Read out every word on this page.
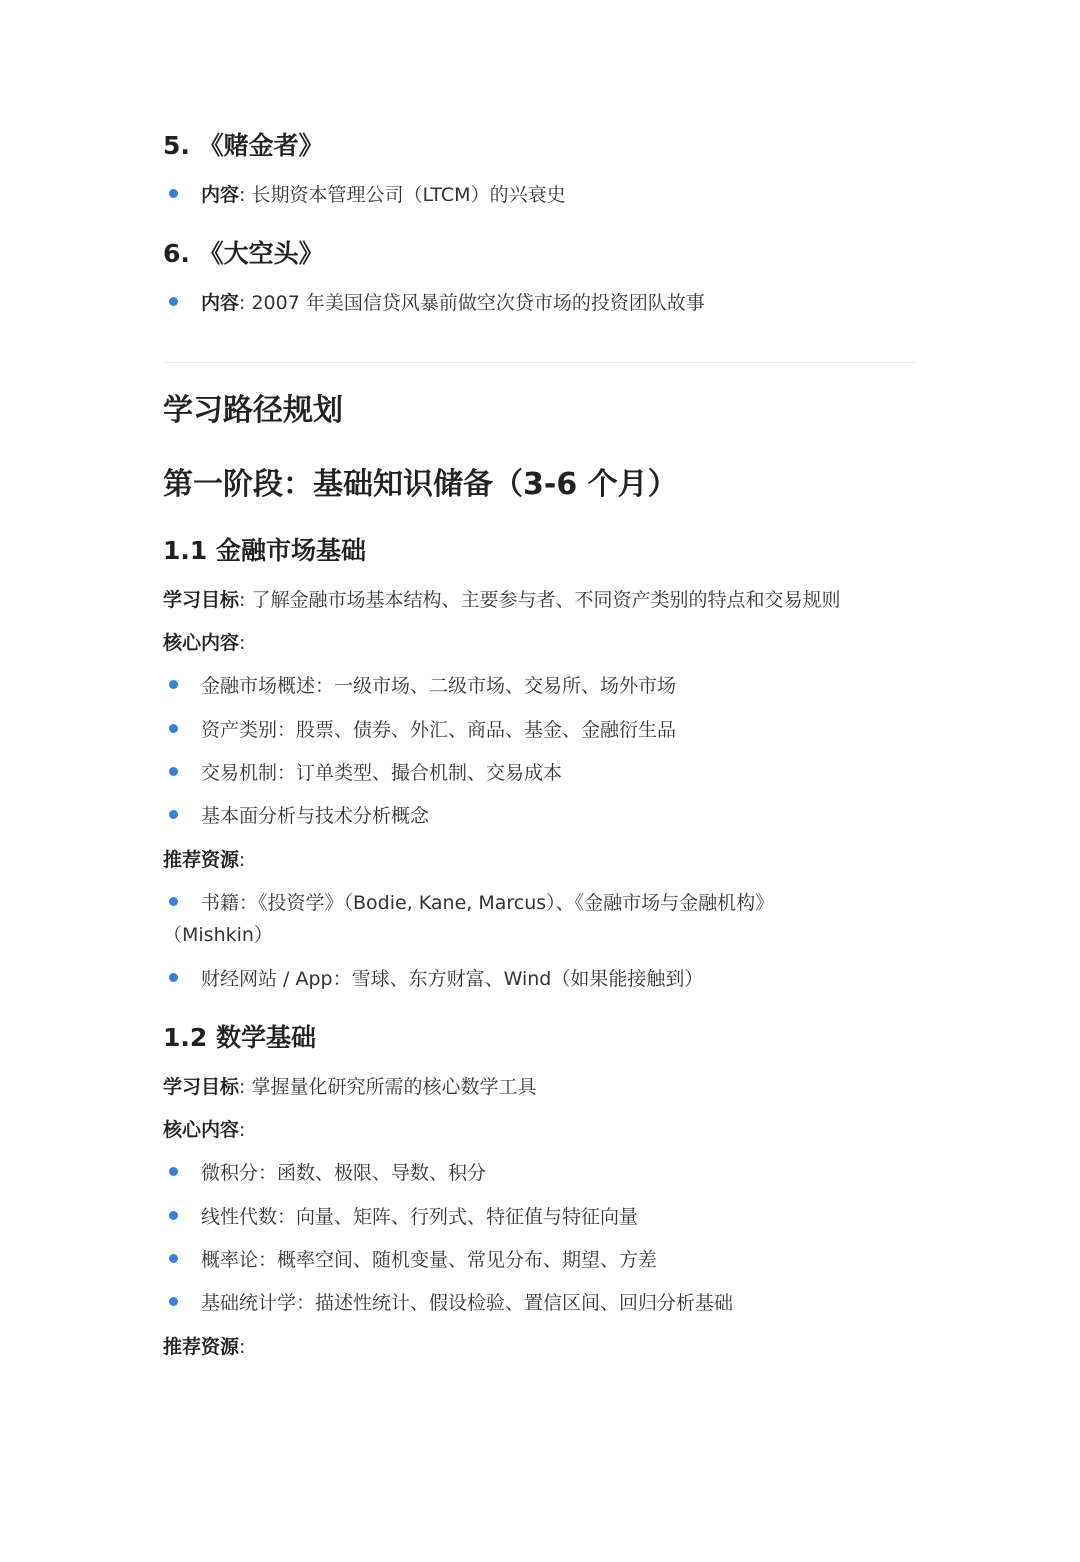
5. 《赌金者》
内容: 长期资本管理公司（LTCM）的兴衰史
6. 《大空头》
内容: 2007 年美国信贷风暴前做空次贷市场的投资团队故事
学习路径规划
第一阶段：基础知识储备（3-6 个月）
1.1 金融市场基础
学习目标: 了解金融市场基本结构、主要参与者、不同资产类别的特点和交易规则
核心内容:
金融市场概述：一级市场、二级市场、交易所、场外市场
资产类别：股票、债券、外汇、商品、基金、金融衍生品
交易机制：订单类型、撮合机制、交易成本
基本面分析与技术分析概念
推荐资源:
书籍：《投资学》（Bodie, Kane, Marcus）、《金融市场与金融机构》
（Mishkin）
财经网站 / App：雪球、东方财富、Wind（如果能接触到）
1.2 数学基础
学习目标: 掌握量化研究所需的核心数学工具
核心内容:
微积分：函数、极限、导数、积分
线性代数：向量、矩阵、行列式、特征值与特征向量
概率论：概率空间、随机变量、常见分布、期望、方差
基础统计学：描述性统计、假设检验、置信区间、回归分析基础
推荐资源:
